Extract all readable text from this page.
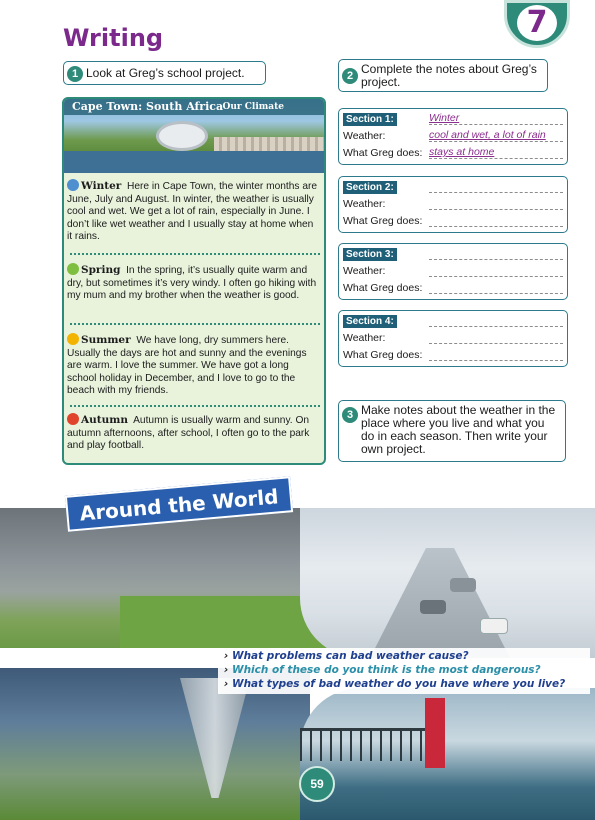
Writing	7
1 Look at Greg’s school project.	2 Complete the notes about Greg’s project.
Cape Town: South Africa Our Climate
Winter Here in Cape Town, the winter months are June, July and August. In winter, the weather is usually cool and wet. We get a lot of rain, especially in June. I don’t like wet weather and I usually stay at home when it rains.
Spring In the spring, it’s usually quite warm and dry, but sometimes it’s very windy. I often go hiking with my mum and my brother when the weather is good.
Summer We have long, dry summers here. Usually the days are hot and sunny and the evenings are warm. I love the summer. We have got a long school holiday in December, and I love to go to the beach with my friends.
Autumn Autumn is usually warm and sunny. On autumn afternoons, after school, I often go to the park and play football.
Section 1:	Winter
Weather:	cool and wet, a lot of rain
What Greg does: stays at home
Section 2:
Weather:
What Greg does:
Section 3:
Weather:
What Greg does:
Section 4:
Weather:
What Greg does:
3 Make notes about the weather in the place where you live and what you do in each season. Then write your own project.
› What problems can bad weather cause?
› Which of these do you think is the most dangerous?
› What types of bad weather do you have where you live?
59
Around the World
